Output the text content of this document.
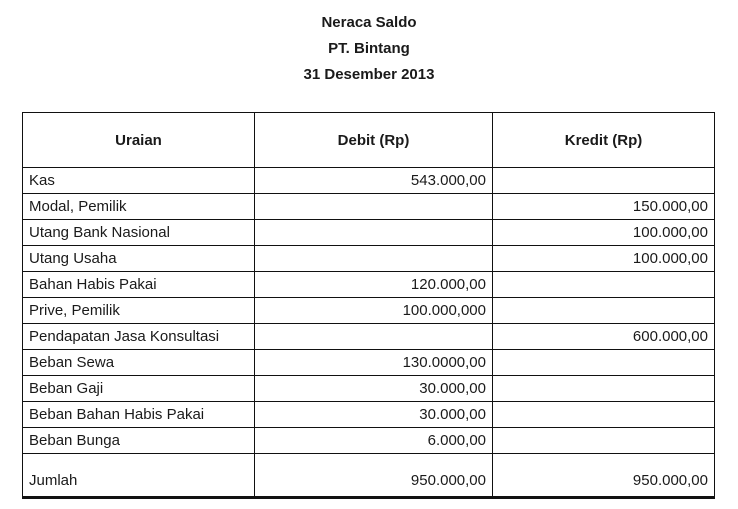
Neraca Saldo
PT. Bintang
31 Desember 2013
Uraian	Debit (Rp)	Kredit (Rp)
Kas	543.000,00	
Modal, Pemilik		150.000,00
Utang Bank Nasional		100.000,00
Utang Usaha		100.000,00
Bahan Habis Pakai	120.000,00	
Prive, Pemilik	100.000,000	
Pendapatan Jasa Konsultasi		600.000,00
Beban Sewa	130.0000,00	
Beban Gaji	30.000,00	
Beban Bahan Habis Pakai	30.000,00	
Beban Bunga	6.000,00	
Jumlah	950.000,00	950.000,00
